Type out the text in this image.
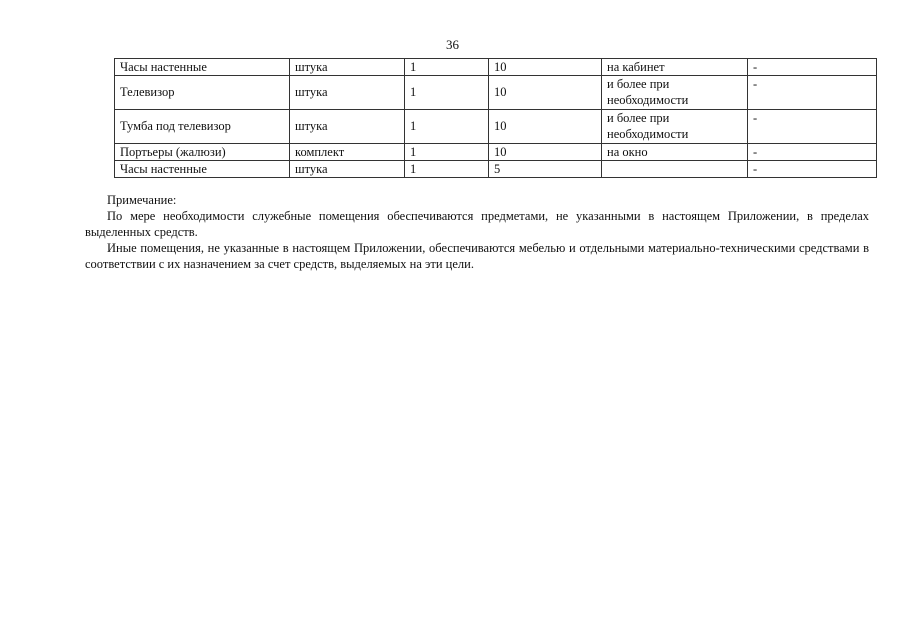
36
Часы настенные	штука	1	10	на кабинет	-
Телевизор	штука	1	10	и более при необходимости	-
Тумба под телевизор	штука	1	10	и более при необходимости	-
Портьеры (жалюзи)	комплект	1	10	на окно	-
Часы настенные	штука	1	5		-

Примечание:

По мере необходимости служебные помещения обеспечиваются предметами, не указанными в настоящем Приложении, в пределах выделенных средств.

Иные помещения, не указанные в настоящем Приложении, обеспечиваются мебелью и отдельными материально-техническими средствами в соответствии с их назначением за счет средств, выделяемых на эти цели.
